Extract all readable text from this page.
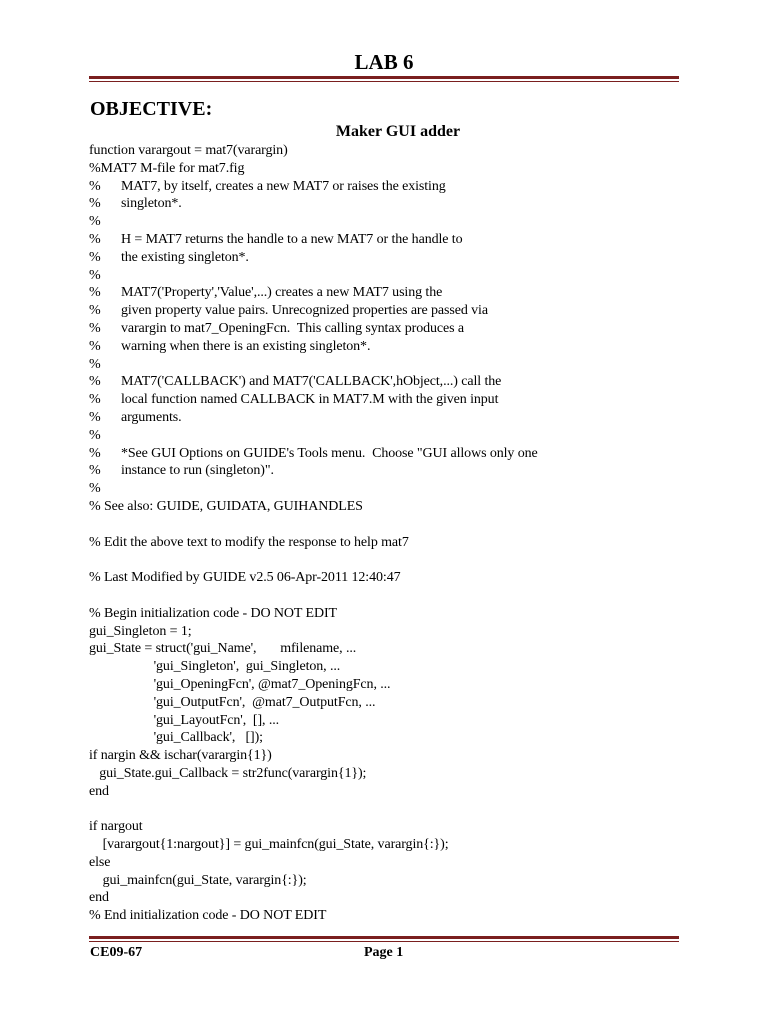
LAB 6
OBJECTIVE:
Maker GUI adder
function varargout = mat7(varargin)
%MAT7 M-file for mat7.fig
%      MAT7, by itself, creates a new MAT7 or raises the existing
%      singleton*.
%
%      H = MAT7 returns the handle to a new MAT7 or the handle to
%      the existing singleton*.
%
%      MAT7('Property','Value',...) creates a new MAT7 using the
%      given property value pairs. Unrecognized properties are passed via
%      varargin to mat7_OpeningFcn.  This calling syntax produces a
%      warning when there is an existing singleton*.
%
%      MAT7('CALLBACK') and MAT7('CALLBACK',hObject,...) call the
%      local function named CALLBACK in MAT7.M with the given input
%      arguments.
%
%      *See GUI Options on GUIDE's Tools menu.  Choose "GUI allows only one
%      instance to run (singleton)".
%
% See also: GUIDE, GUIDATA, GUIHANDLES
% Edit the above text to modify the response to help mat7
% Last Modified by GUIDE v2.5 06-Apr-2011 12:40:47
% Begin initialization code - DO NOT EDIT
gui_Singleton = 1;
gui_State = struct('gui_Name',       mfilename, ...
'gui_Singleton',  gui_Singleton, ...
'gui_OpeningFcn', @mat7_OpeningFcn, ...
'gui_OutputFcn',  @mat7_OutputFcn, ...
'gui_LayoutFcn',  [], ...
'gui_Callback',   []);
if nargin && ischar(varargin{1})
gui_State.gui_Callback = str2func(varargin{1});
end
if nargout
[varargout{1:nargout}] = gui_mainfcn(gui_State, varargin{:});
else
gui_mainfcn(gui_State, varargin{:});
end
% End initialization code - DO NOT EDIT
CE09-67	Page 1
